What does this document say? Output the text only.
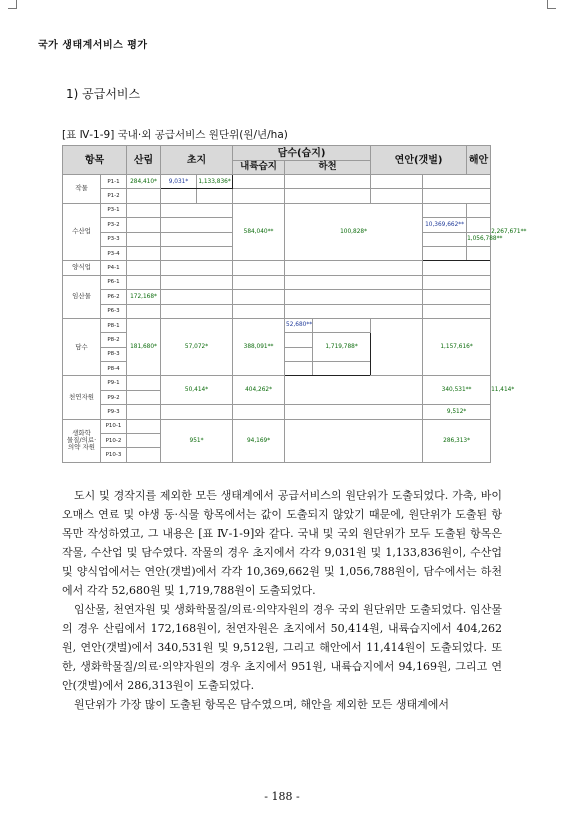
국가 생태계서비스 평가
1) 공급서비스
[표 Ⅳ-1-9] 국내·외 공급서비스 원단위(원/년/ha)
항목		산림	초지		담수(습지)			연안(갯벌)		해안	
					내륙습지	하천					
작물	P1-1	284,410*	9,031*	1,133,836*							
	P1-2										
수산업	P3-1				584,040**	100,828*					2,267,671**
	P3-2								10,369,662**		
	P3-3									1,056,788**	
	P3-4										
양식업	P4-1										
임산물	P6-1										
	P6-2	172,168*									
	P6-3										
담수	P8-1	181,680*	57,072*		388,091**	52,680**			1,157,616*		
	P8-2						1,719,788*				
	P8-3										
	P8-4										
천연자원	P9-1		50,414*		404,262*				340,531**		11,414*
	P9-2										
	P9-3								9,512*		
생화학
물질/의료·
의약 자원	P10-1		951*		94,169*				286,313*		
	P10-2										
	P10-3										

도시 및 경작지를 제외한 모든 생태계에서 공급서비스의 원단위가 도출되었다. 가축, 바이오매스 연료 및 야생 동·식물 항목에서는 값이 도출되지 않았기 때문에, 원단위가 도출된 항목만 작성하였고, 그 내용은 [표 Ⅳ-1-9]와 같다. 국내 및 국외 원단위가 모두 도출된 항목은 작물, 수산업 및 담수였다. 작물의 경우 초지에서 각각 9,031원 및 1,133,836원이, 수산업 및 양식업에서는 연안(갯벌)에서 각각 10,369,662원 및 1,056,788원이, 담수에서는 하천에서 각각 52,680원 및 1,719,788원이 도출되었다.

임산물, 천연자원 및 생화학물질/의료·의약자원의 경우 국외 원단위만 도출되었다. 임산물의 경우 산림에서 172,168원이, 천연자원은 초지에서 50,414원, 내륙습지에서 404,262원, 연안(갯벌)에서 340,531원 및 9,512원, 그리고 해안에서 11,414원이 도출되었다. 또한, 생화학물질/의료·의약자원의 경우 초지에서 951원, 내륙습지에서 94,169원, 그리고 연안(갯벌)에서 286,313원이 도출되었다.

원단위가 가장 많이 도출된 항목은 담수였으며, 해안을 제외한 모든 생태계에서

- 188 -
